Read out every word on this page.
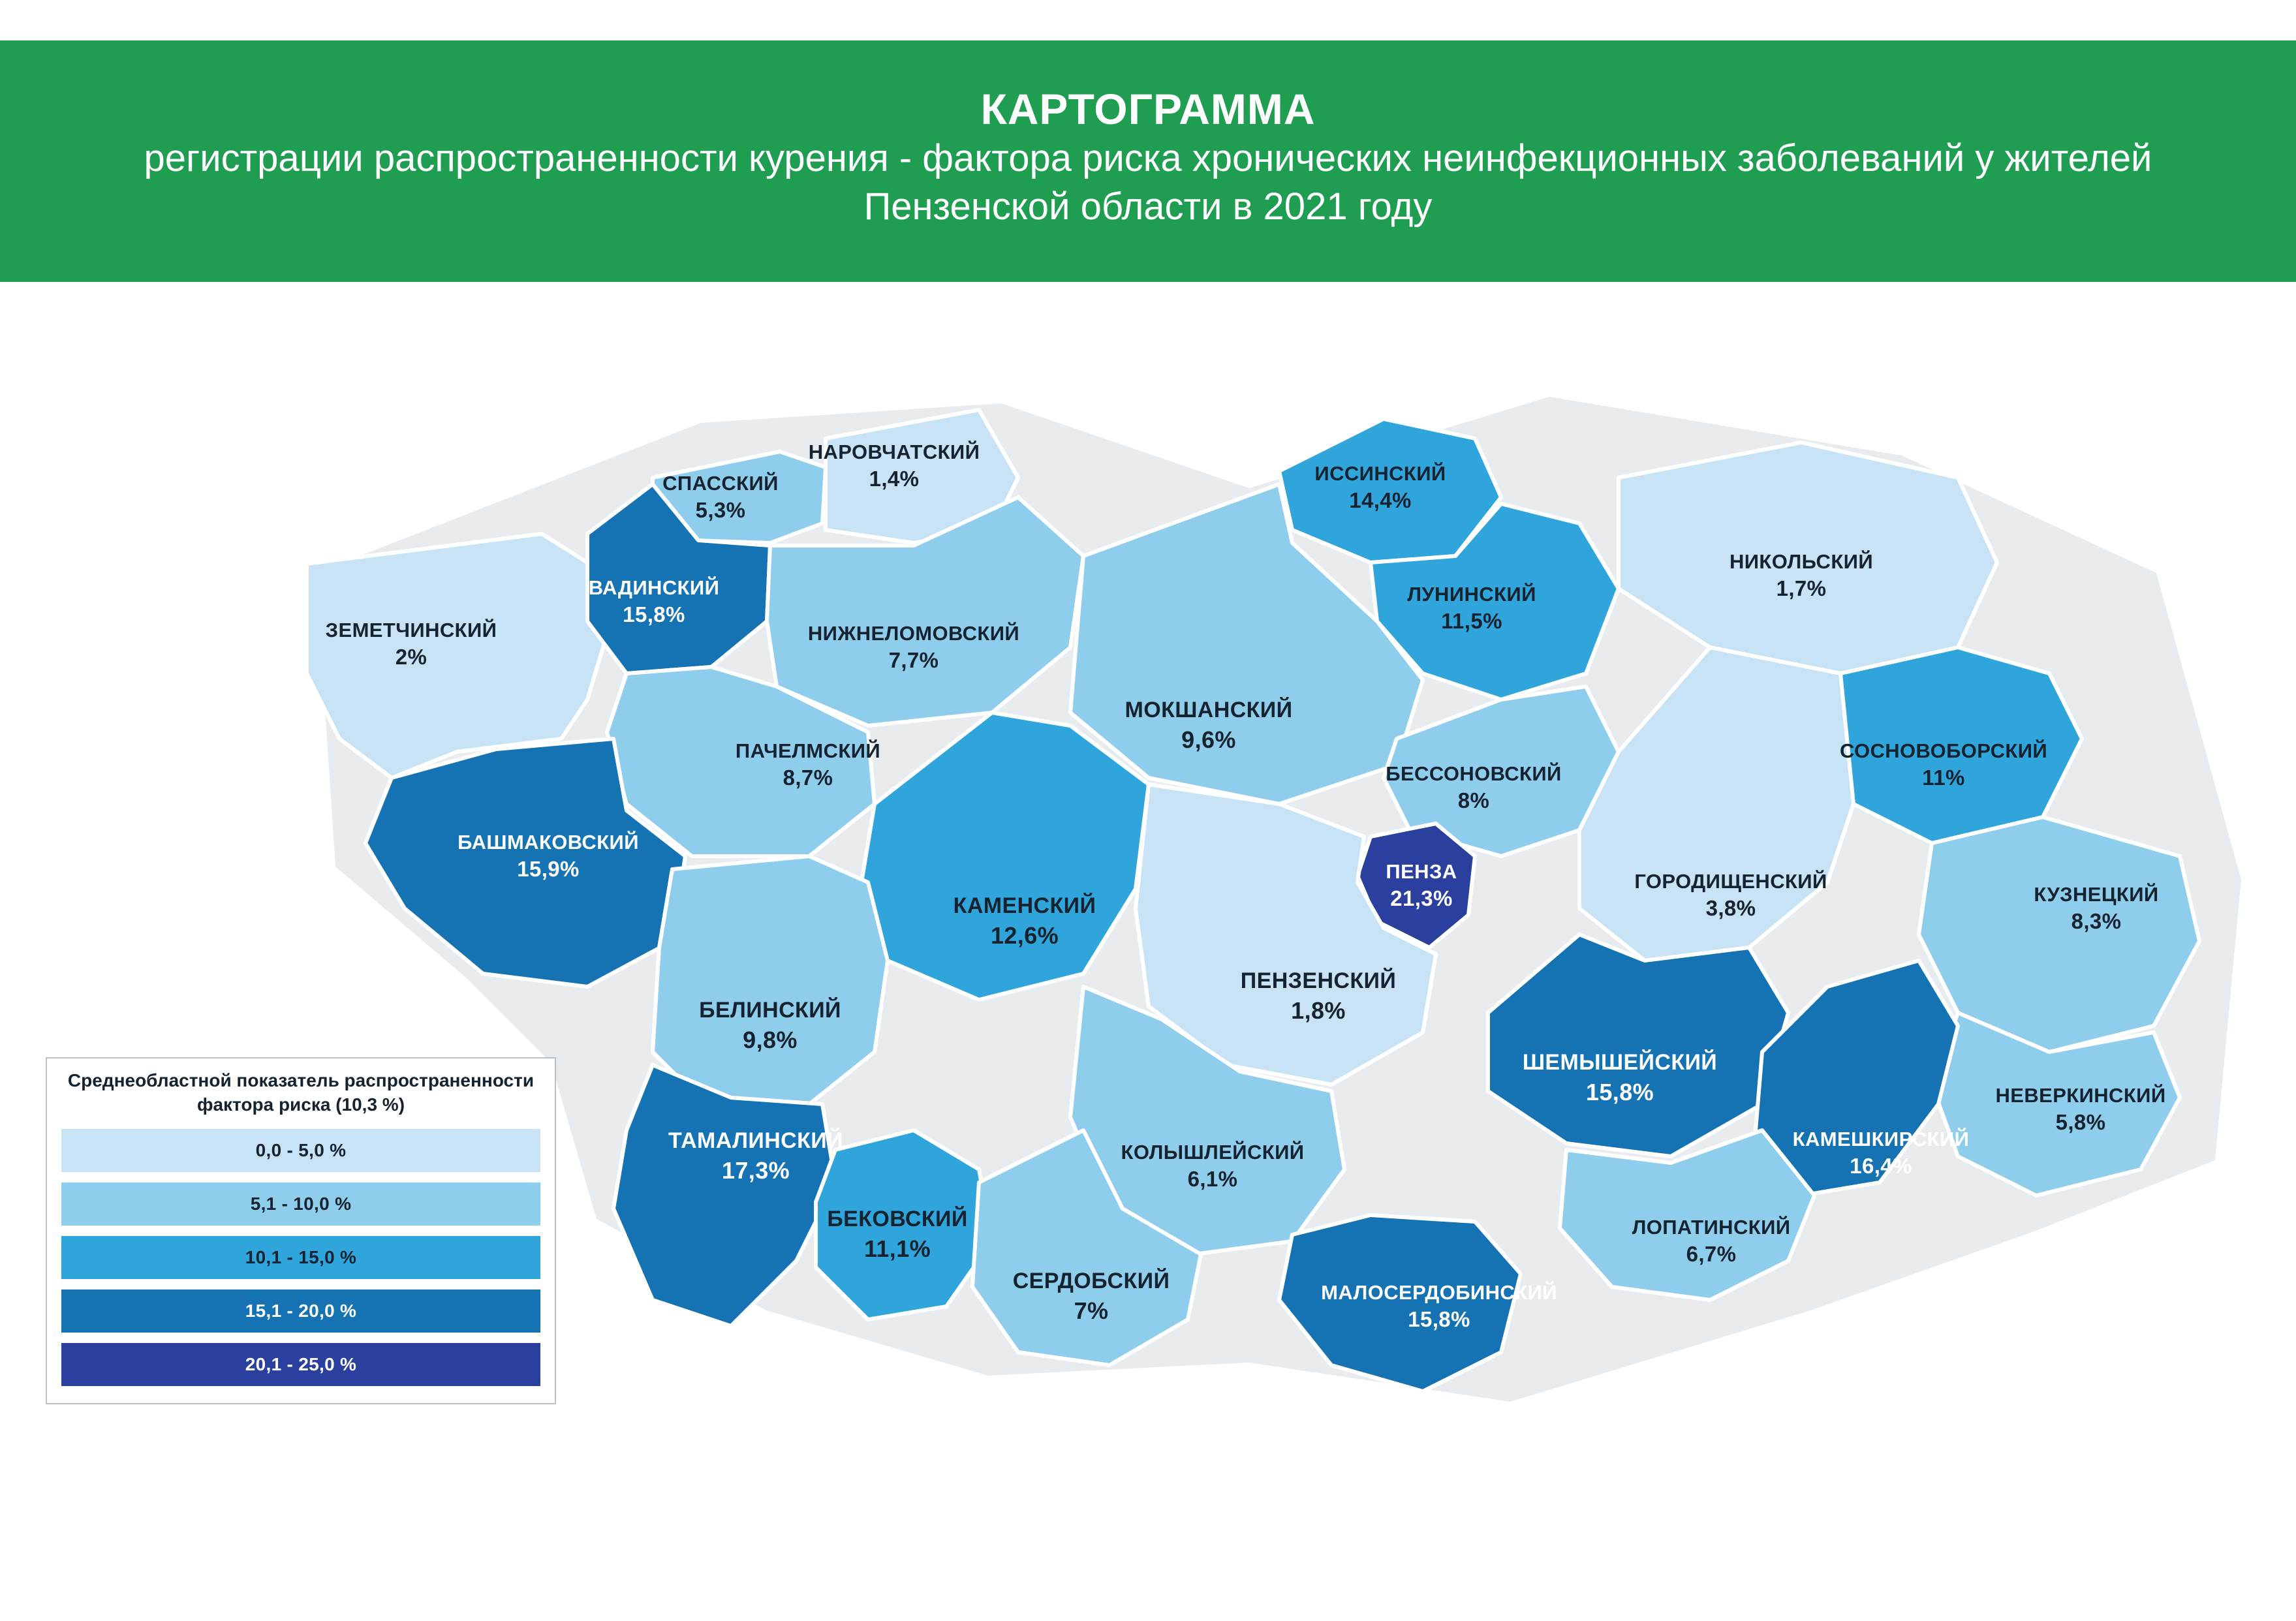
КАРТОГРАММА
регистрации распространенности курения - фактора риска хронических неинфекционных заболеваний у жителей Пензенской области в 2021 году
ЗЕМЕТЧИНСКИЙ
2%
СПАССКИЙ
5,3%
НАРОВЧАТСКИЙ
1,4%
ВАДИНСКИЙ
15,8%
НИЖНЕЛОМОВСКИЙ
7,7%
ИССИНСКИЙ
14,4%
ЛУНИНСКИЙ
11,5%
НИКОЛЬСКИЙ
1,7%
МОКШАНСКИЙ
9,6%
БЕССОНОВСКИЙ
8%
ПАЧЕЛМСКИЙ
8,7%
БАШМАКОВСКИЙ
15,9%
СОСНОВОБОРСКИЙ
11%
ПЕНЗА
21,3%
ГОРОДИЩЕНСКИЙ
3,8%
КУЗНЕЦКИЙ
8,3%
КАМЕНСКИЙ
12,6%
ПЕНЗЕНСКИЙ
1,8%
БЕЛИНСКИЙ
9,8%
ШЕМЫШЕЙСКИЙ
15,8%	НЕВЕРКИНСКИЙ
5,8%
КАМЕШКИРСКИЙ
16,4%
ТАМАЛИНСКИЙ
17,3%
КОЛЫШЛЕЙСКИЙ
6,1%
БЕКОВСКИЙ
11,1%
ЛОПАТИНСКИЙ
6,7%
СЕРДОБСКИЙ
7%
МАЛОСЕРДОБИНСКИЙ
15,8%
Среднеобластной показатель распространенности фактора риска (10,3 %)
0,0 - 5,0 %
5,1 - 10,0 %
10,1 - 15,0 %
15,1 - 20,0 %
20,1 - 25,0 %
